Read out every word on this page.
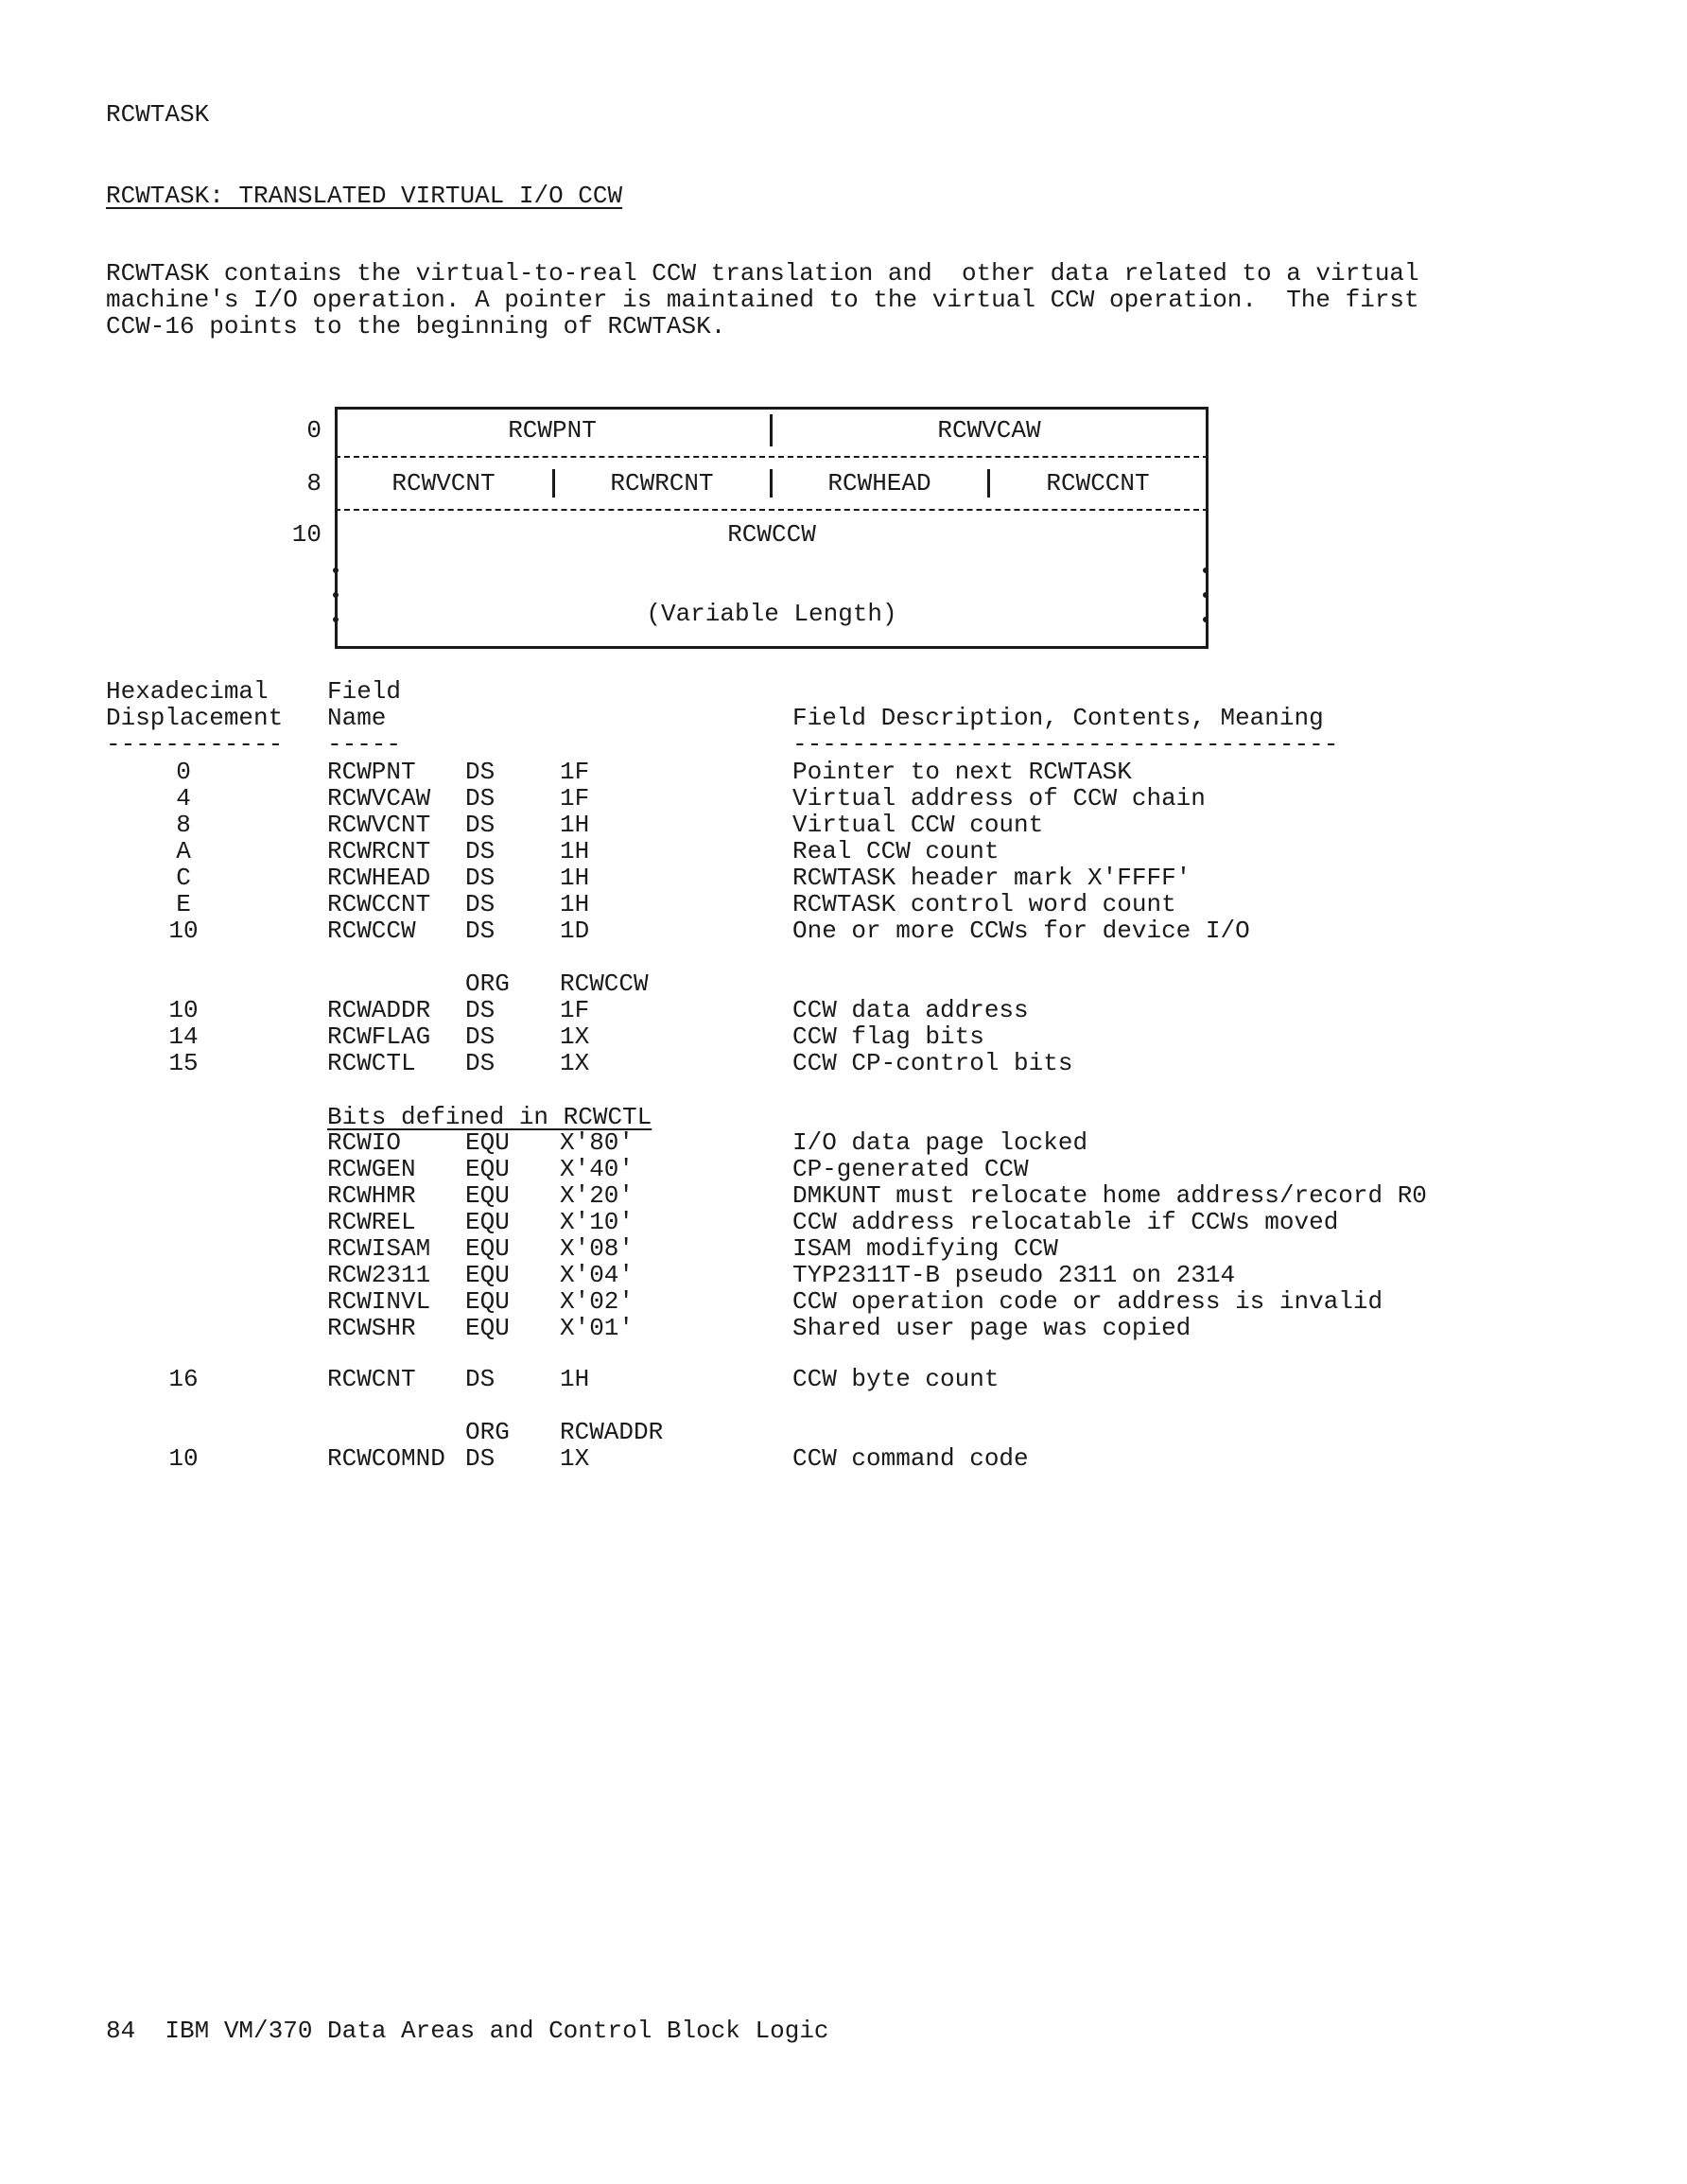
RCWTASK
RCWTASK: TRANSLATED VIRTUAL I/O CCW
RCWTASK contains the virtual-to-real CCW translation and  other data related to a virtual
machine's I/O operation. A pointer is maintained to the virtual CCW operation.  The first
CCW-16 points to the beginning of RCWTASK.
0	RCWPNT	RCWVCAW
8	RCWVCNT	RCWRCNT	RCWHEAD	RCWCCNT
10	RCWCCW
(Variable Length)
Hexadecimal
Displacement
------------
Field
Name
-----
Field Description, Contents, Meaning
-------------------------------------
0	RCWPNT DS	1F	Pointer to next RCWTASK
4	RCWVCAW DS	1F	Virtual address of CCW chain
8	RCWVCNT DS	1H	Virtual CCW count
A	RCWRCNT DS	1H	Real CCW count
C	RCWHEAD DS	1H	RCWTASK header mark X'FFFF'
E	RCWCCNT DS	1H	RCWTASK control word count
10	RCWCCW DS	1D	One or more CCWs for device I/O
ORG RCWCCW
10	RCWADDR DS	1F	CCW data address
14	RCWFLAG DS	1X	CCW flag bits
15	RCWCTL DS	1X	CCW CP-control bits
Bits defined in RCWCTL
RCWIO	EQU X'80'	I/O data page locked
RCWGEN EQU X'40'	CP-generated CCW
RCWHMR EQU X'20'	DMKUNT must relocate home address/record R0
RCWREL EQU X'10'	CCW address relocatable if CCWs moved
RCWISAM EQU X'08'	ISAM modifying CCW
RCW2311 EQU X'04'	TYP2311T-B pseudo 2311 on 2314
RCWINVL EQU X'02'	CCW operation code or address is invalid
RCWSHR EQU X'01'	Shared user page was copied
16	RCWCNT DS	1H	CCW byte count
ORG RCWADDR
10	RCWCOMND DS	1X	CCW command code
84  IBM VM/370 Data Areas and Control Block Logic
